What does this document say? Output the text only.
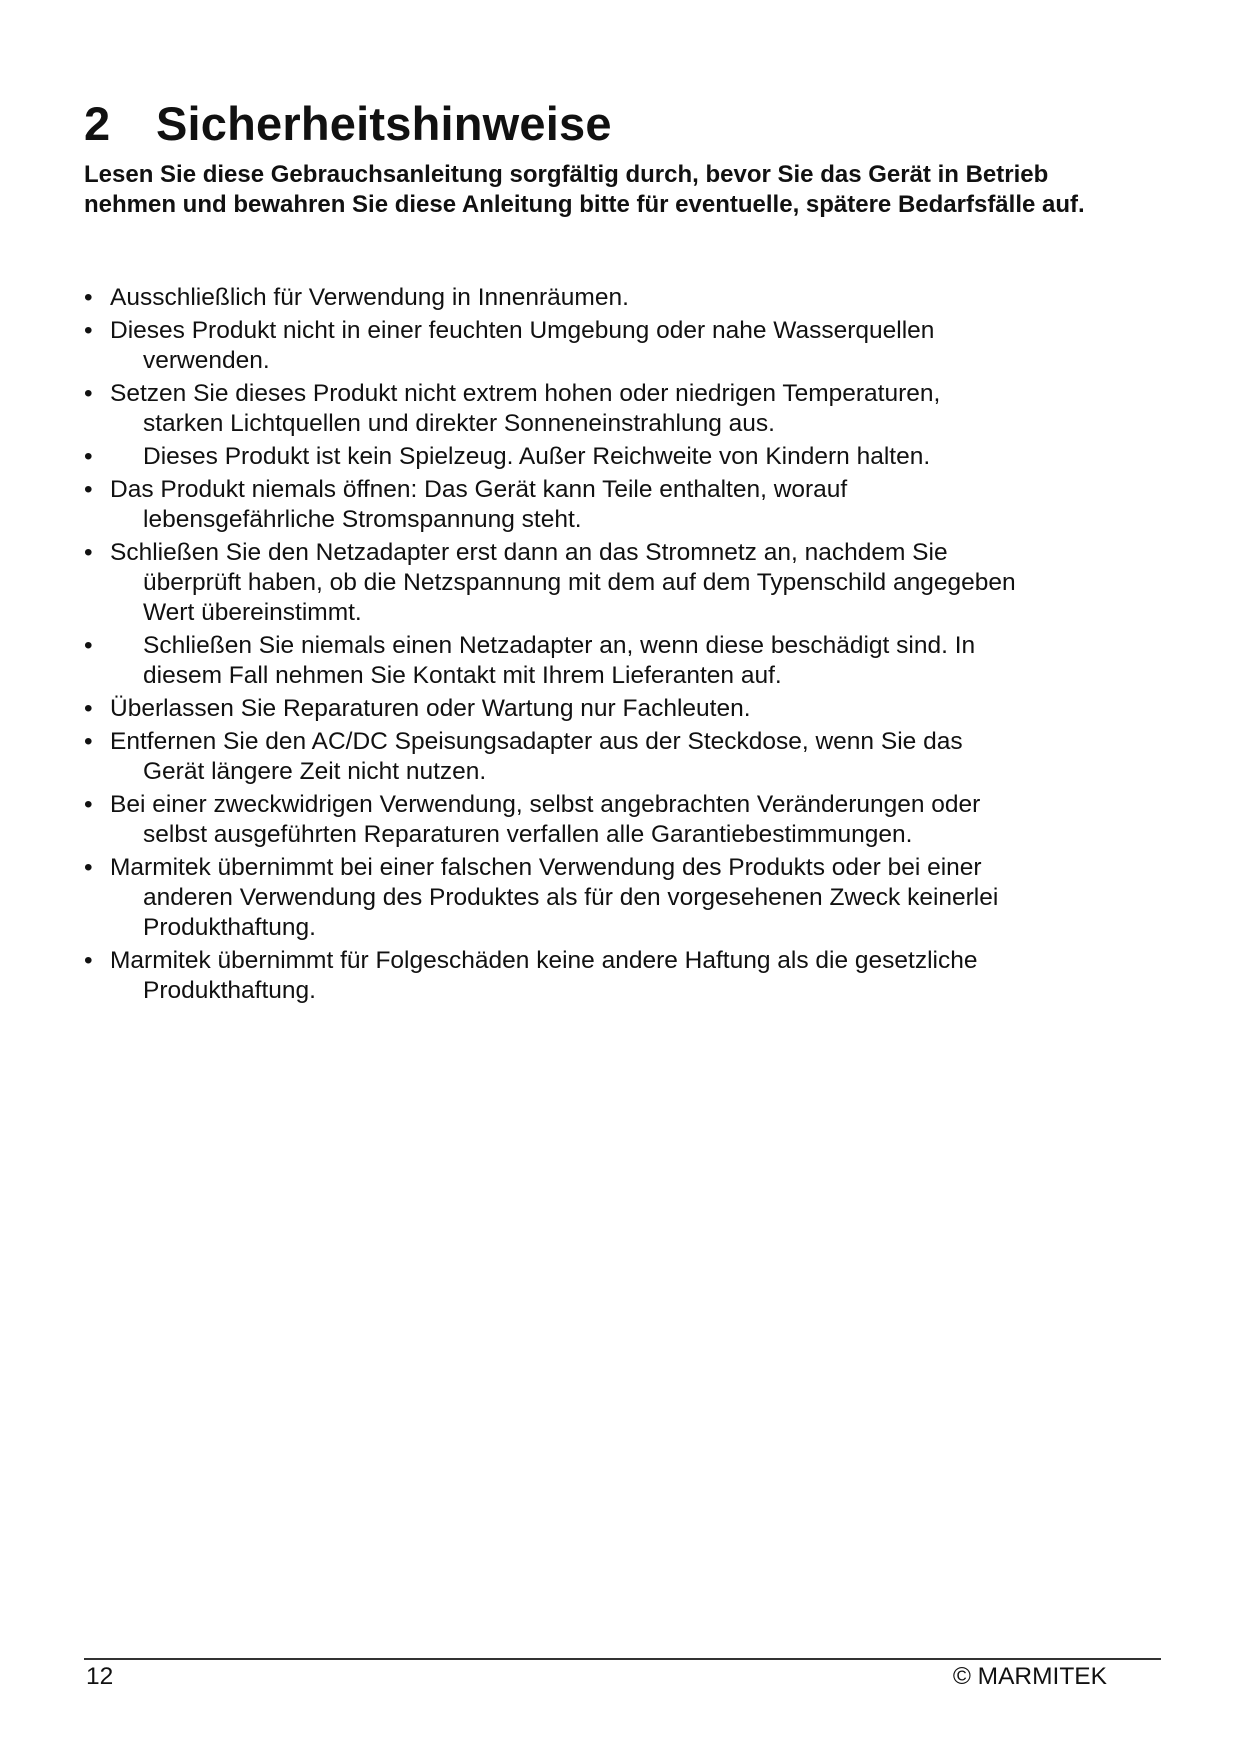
2 Sicherheitshinweise

Lesen Sie diese Gebrauchsanleitung sorgfältig durch, bevor Sie das Gerät in Betrieb nehmen und bewahren Sie diese Anleitung bitte für eventuelle, spätere Bedarfsfälle auf.

• Ausschließlich für Verwendung in Innenräumen.
• Dieses Produkt nicht in einer feuchten Umgebung oder nahe Wasserquellen
verwenden.
• Setzen Sie dieses Produkt nicht extrem hohen oder niedrigen Temperaturen,
starken Lichtquellen und direkter Sonneneinstrahlung aus.
•	Dieses Produkt ist kein Spielzeug. Außer Reichweite von Kindern halten.
• Das Produkt niemals öffnen: Das Gerät kann Teile enthalten, worauf
lebensgefährliche Stromspannung steht.
• Schließen Sie den Netzadapter erst dann an das Stromnetz an, nachdem Sie
überprüft haben, ob die Netzspannung mit dem auf dem Typenschild angegeben
Wert übereinstimmt.
•	Schließen Sie niemals einen Netzadapter an, wenn diese beschädigt sind. In
diesem Fall nehmen Sie Kontakt mit Ihrem Lieferanten auf.
• Überlassen Sie Reparaturen oder Wartung nur Fachleuten.
• Entfernen Sie den AC/DC Speisungsadapter aus der Steckdose, wenn Sie das
Gerät längere Zeit nicht nutzen.
• Bei einer zweckwidrigen Verwendung, selbst angebrachten Veränderungen oder
selbst ausgeführten Reparaturen verfallen alle Garantiebestimmungen.
• Marmitek übernimmt bei einer falschen Verwendung des Produkts oder bei einer
anderen Verwendung des Produktes als für den vorgesehenen Zweck keinerlei
Produkthaftung.
• Marmitek übernimmt für Folgeschäden keine andere Haftung als die gesetzliche
Produkthaftung.
12	© MARMITEK
